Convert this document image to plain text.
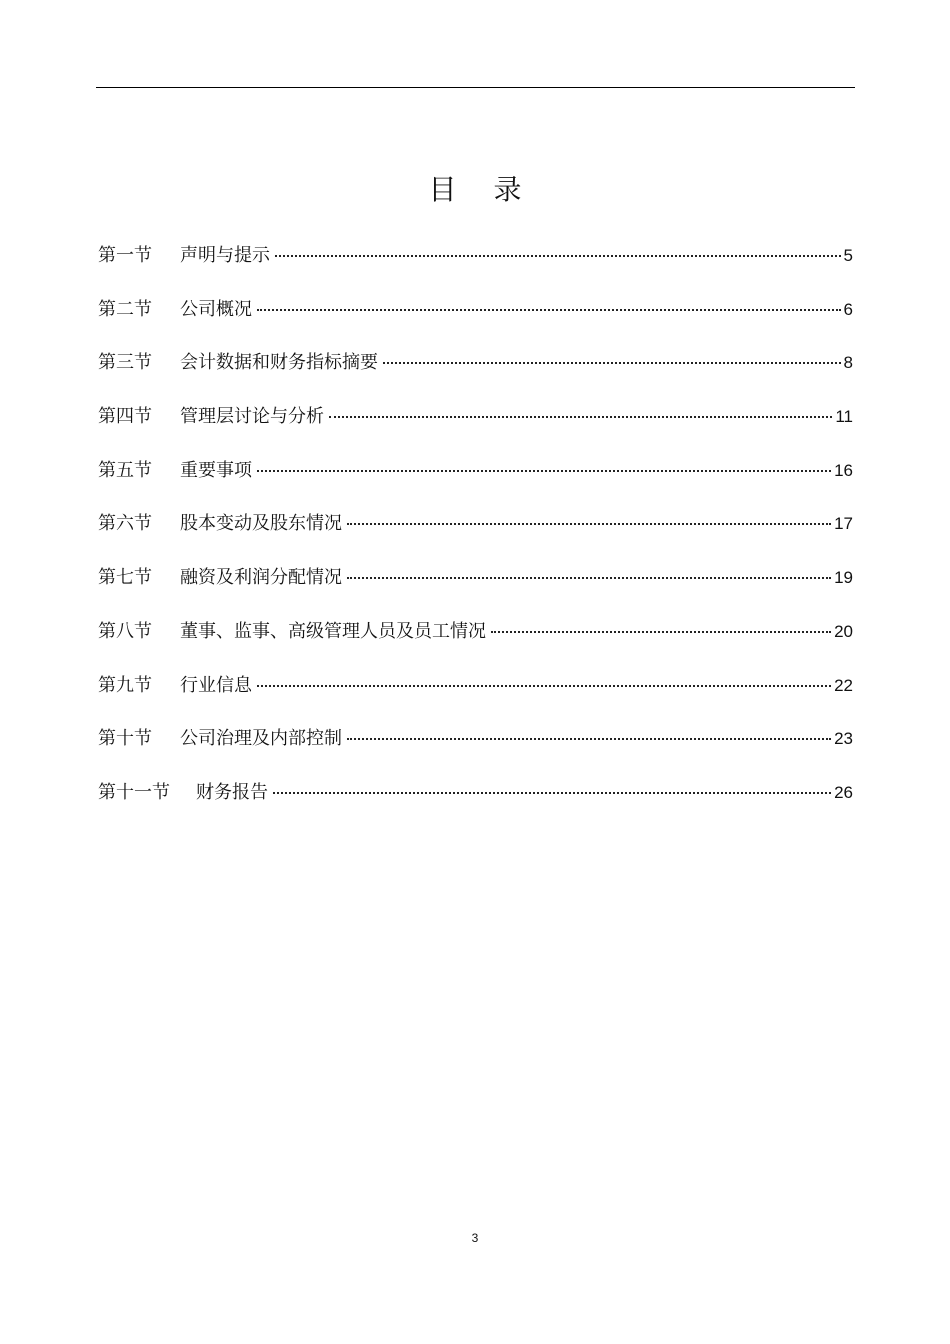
目 录
第一节	声明与提示	5
第二节	公司概况	6
第三节	会计数据和财务指标摘要	8
第四节	管理层讨论与分析	11
第五节	重要事项	16
第六节	股本变动及股东情况	17
第七节	融资及利润分配情况	19
第八节	董事、监事、高级管理人员及员工情况	20
第九节	行业信息	22
第十节	公司治理及内部控制	23
第十一节	财务报告	26
3
